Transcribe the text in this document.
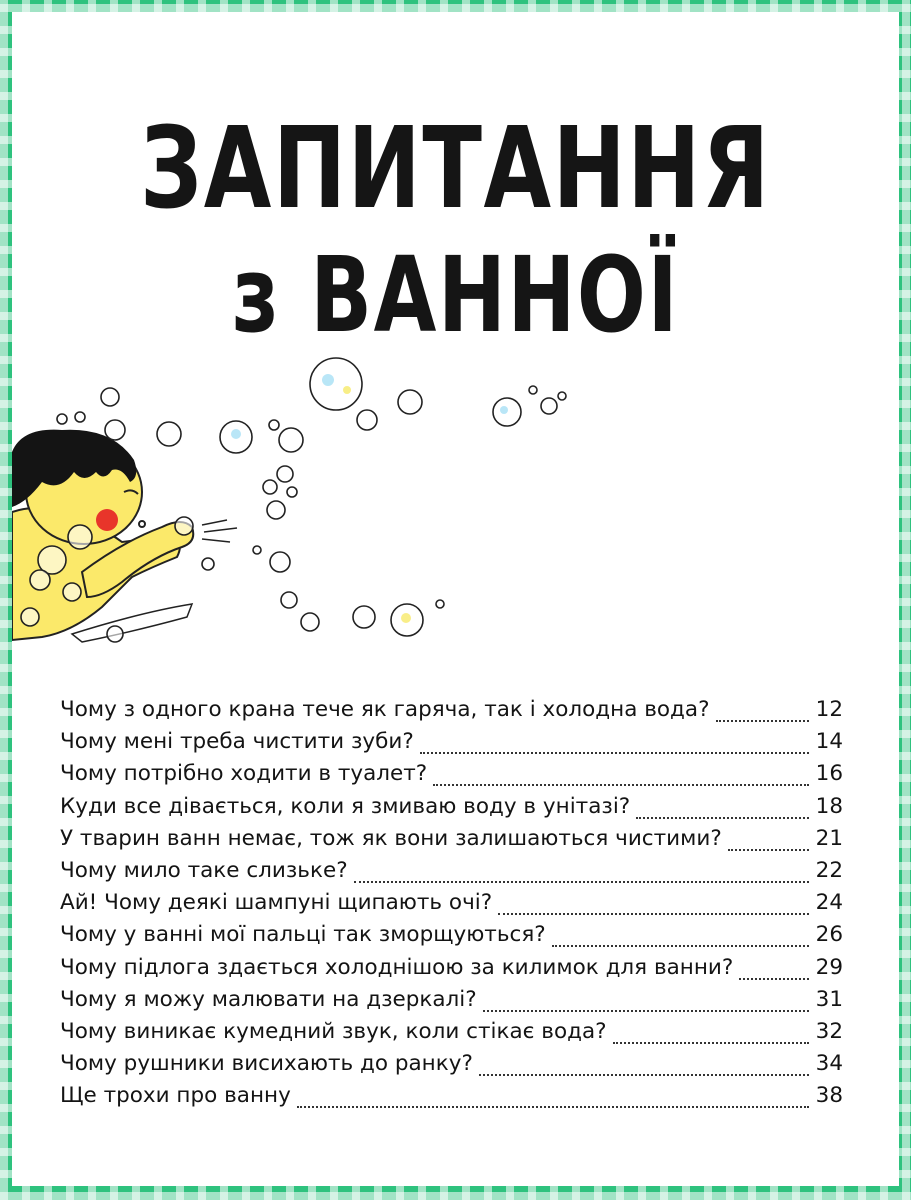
ЗАПИТАННЯ
з ВАННОЇ
Чому з одного крана тече як гаряча, так і холодна вода?	12
Чому мені треба чистити зуби?	14
Чому потрібно ходити в туалет?	16
Куди все дівається, коли я змиваю воду в унітазі?	18
У тварин ванн немає, тож як вони залишаються чистими?	21
Чому мило таке слизьке?	22
Ай! Чому деякі шампуні щипають очі?	24
Чому у ванні мої пальці так зморщуються?	26
Чому підлога здається холоднішою за килимок для ванни?	29
Чому я можу малювати на дзеркалі?	31
Чому виникає кумедний звук, коли стікає вода?	32
Чому рушники висихають до ранку?	34
Ще трохи про ванну	38
